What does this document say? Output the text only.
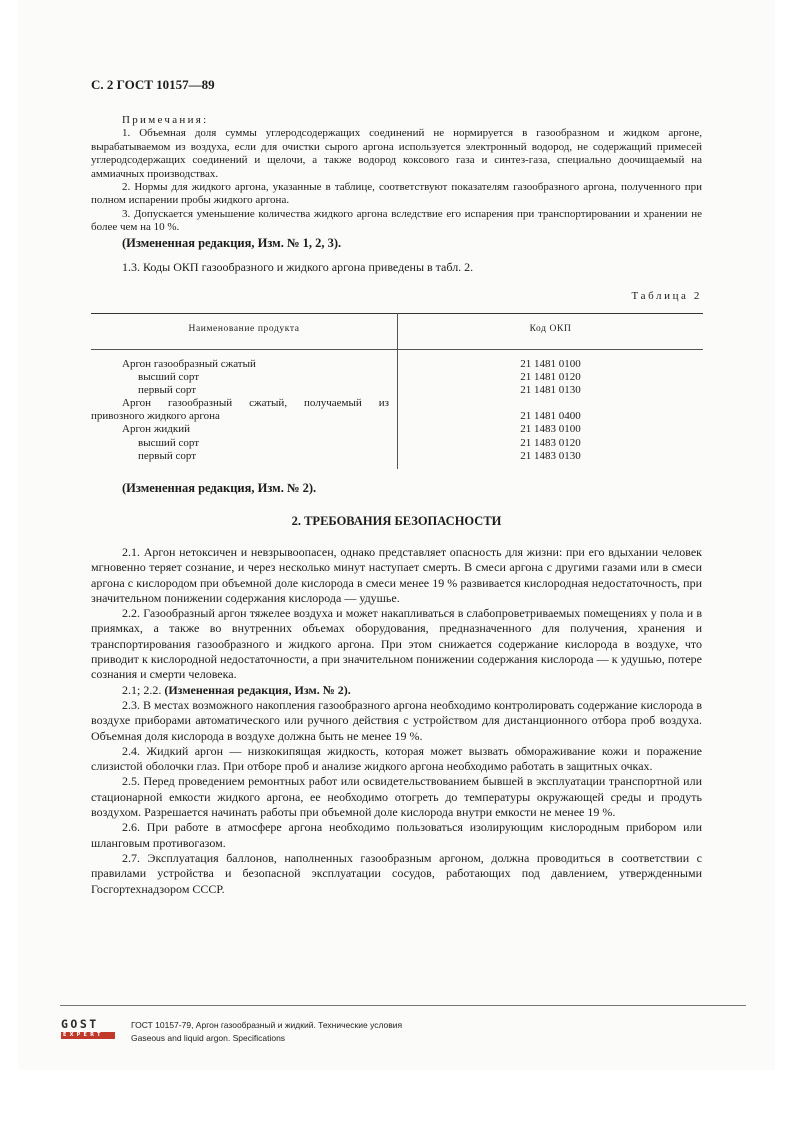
С. 2 ГОСТ 10157—89

Примечания:

1. Объемная доля суммы углеродсодержащих соединений не нормируется в газообразном и жидком аргоне, вырабатываемом из воздуха, если для очистки сырого аргона используется электронный водород, не содержащий примесей углеродсодержащих соединений и щелочи, а также водород коксового газа и синтез-газа, специально доочищаемый на аммиачных производствах.

2. Нормы для жидкого аргона, указанные в таблице, соответствуют показателям газообразного аргона, полученного при полном испарении пробы жидкого аргона.

3. Допускается уменьшение количества жидкого аргона вследствие его испарения при транспортировании и хранении не более чем на 10 %.

(Измененная редакция, Изм. № 1, 2, 3).

1.3. Коды ОКП газообразного и жидкого аргона приведены в табл. 2.
Таблица 2
Наименование продукта	Код ОКП
Аргон газообразный сжатый
высший сорт
первый сорт
Аргон газообразный сжатый, получаемый из
привозного жидкого аргона
Аргон жидкий
высший сорт
первый сорт
21 1481 0100
21 1481 0120
21 1481 0130
21 1481 0400
21 1483 0100
21 1483 0120
21 1483 0130
(Измененная редакция, Изм. № 2).
2. ТРЕБОВАНИЯ БЕЗОПАСНОСТИ

2.1. Аргон нетоксичен и невзрывоопасен, однако представляет опасность для жизни: при его вдыхании человек мгновенно теряет сознание, и через несколько минут наступает смерть. В смеси аргона с другими газами или в смеси аргона с кислородом при объемной доле кислорода в смеси менее 19 % развивается кислородная недостаточность, при значительном понижении содержания кислорода — удушье.

2.2. Газообразный аргон тяжелее воздуха и может накапливаться в слабопроветриваемых помещениях у пола и в приямках, а также во внутренних объемах оборудования, предназначенного для получения, хранения и транспортирования газообразного и жидкого аргона. При этом снижается содержание кислорода в воздухе, что приводит к кислородной недостаточности, а при значительном понижении содержания кислорода — к удушью, потере сознания и смерти человека.

2.1; 2.2. (Измененная редакция, Изм. № 2).

2.3. В местах возможного накопления газообразного аргона необходимо контролировать содержание кислорода в воздухе приборами автоматического или ручного действия с устройством для дистанционного отбора проб воздуха. Объемная доля кислорода в воздухе должна быть не менее 19 %.

2.4. Жидкий аргон — низкокипящая жидкость, которая может вызвать обмораживание кожи и поражение слизистой оболочки глаз. При отборе проб и анализе жидкого аргона необходимо работать в защитных очках.

2.5. Перед проведением ремонтных работ или освидетельствованием бывшей в эксплуатации транспортной или стационарной емкости жидкого аргона, ее необходимо отогреть до температуры окружающей среды и продуть воздухом. Разрешается начинать работы при объемной доле кислорода внутри емкости не менее 19 %.

2.6. При работе в атмосфере аргона необходимо пользоваться изолирующим кислородным прибором или шланговым противогазом.

2.7. Эксплуатация баллонов, наполненных газообразным аргоном, должна проводиться в соответствии с правилами устройства и безопасной эксплуатации сосудов, работающих под давлением, утвержденными Госгортехнадзором СССР.

GOST
EXPERT
ГОСТ 10157-79, Аргон газообразный и жидкий. Технические условия
Gaseous and liquid argon. Specifications
